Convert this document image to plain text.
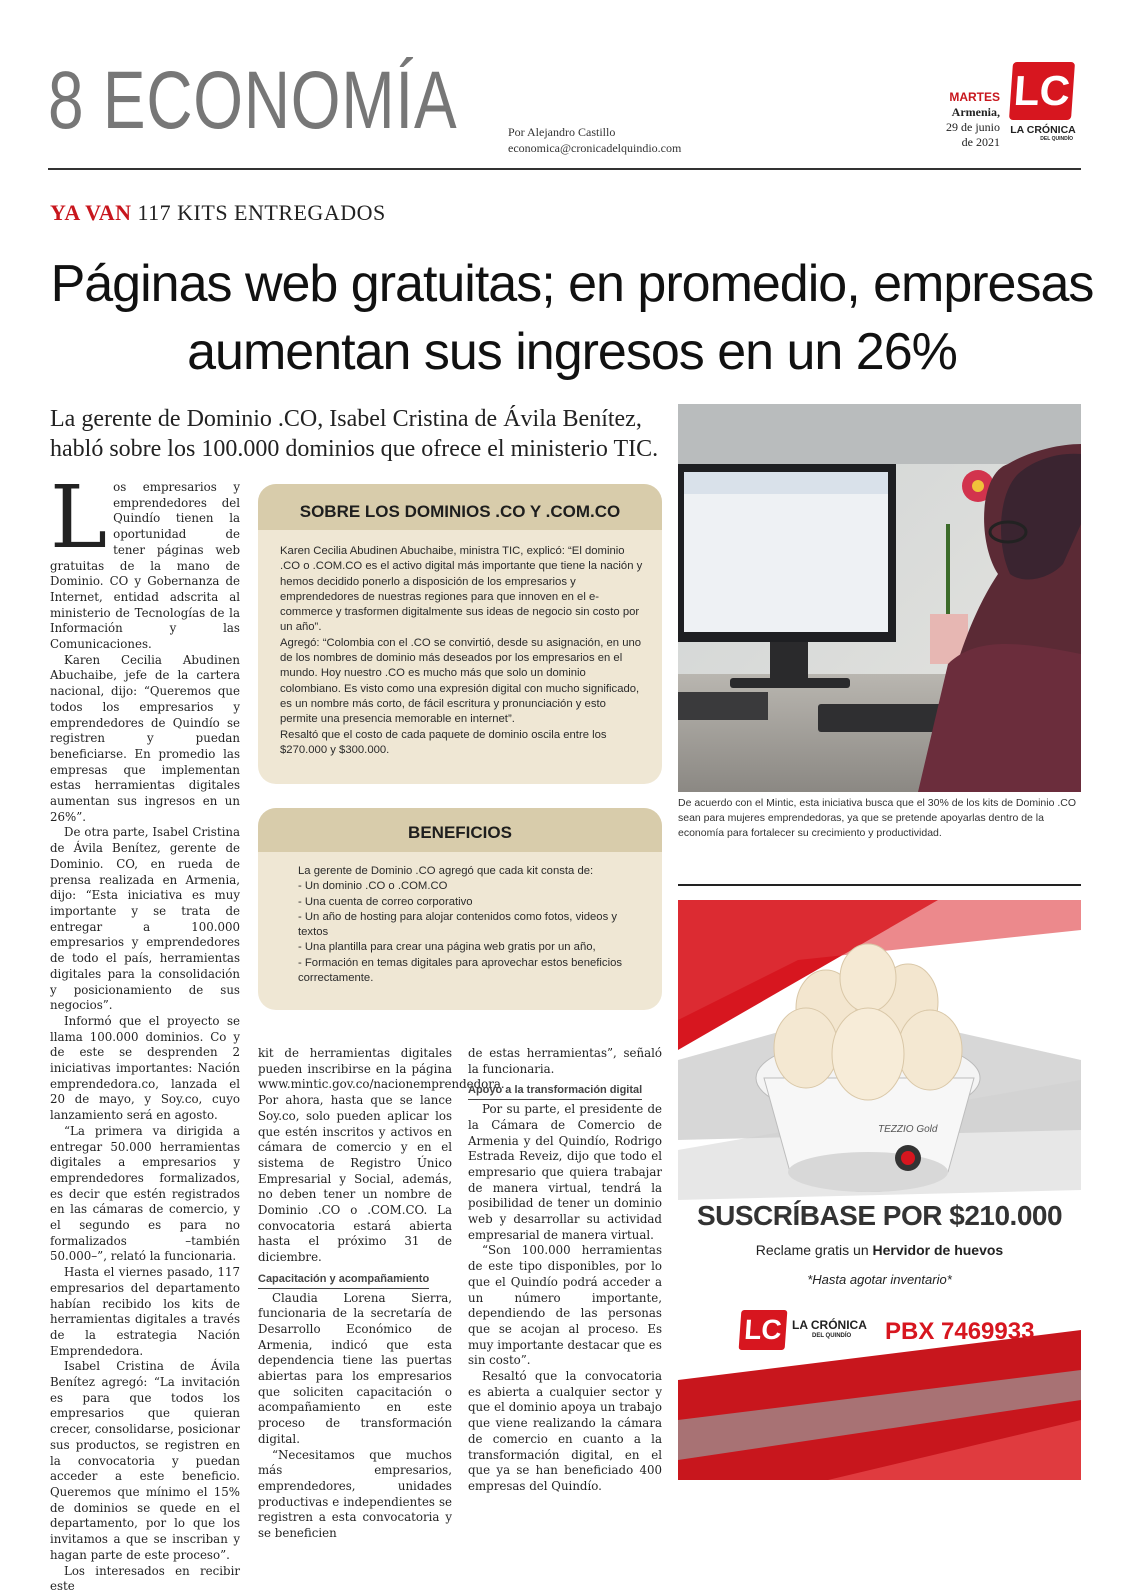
8 ECONOMÍA	Por Alejandro Castillo
economica@cronicadelquindio.com
MARTES
Armenia,
29 de junio
de 2021
LC
LA CRÓNICA
DEL QUINDÍO
YA VAN 117 KITS ENTREGADOS
Páginas web gratuitas; en promedio, empresas
aumentan sus ingresos en un 26%
La gerente de Dominio .CO, Isabel Cristina de Ávila Benítez,
habló sobre los 100.000 dominios que ofrece el ministerio TIC.

Los empresarios y emprendedores del Quindío tienen la oportunidad de tener páginas web gratuitas de la mano de Dominio. CO y Gobernanza de Internet, entidad adscrita al ministerio de Tecnologías de la Información y las Comunicaciones.

Karen Cecilia Abudinen Abuchaibe, jefe de la cartera nacional, dijo: “Queremos que todos los empresarios y emprendedores de Quindío se registren y puedan beneficiarse. En promedio las empresas que implementan estas herramientas digitales aumentan sus ingresos en un 26%”.

De otra parte, Isabel Cristina de Ávila Benítez, gerente de Dominio. CO, en rueda de prensa realizada en Armenia, dijo: “Esta iniciativa es muy importante y se trata de entregar a 100.000 empresarios y emprendedores de todo el país, herramientas digitales para la consolidación y posicionamiento de sus negocios”.

Informó que el proyecto se llama 100.000 dominios. Co y de este se desprenden 2 iniciativas importantes: Nación emprendedora.co, lanzada el 20 de mayo, y Soy.co, cuyo lanzamiento será en agosto.

“La primera va dirigida a entregar 50.000 herramientas digitales a empresarios y emprendedores formalizados, es decir que estén registrados en las cámaras de comercio, y el segundo es para no formalizados –también 50.000–”, relató la funcionaria.

Hasta el viernes pasado, 117 empresarios del departamento habían recibido los kits de herramientas digitales a través de la estrategia Nación Emprendedora.

Isabel Cristina de Ávila Benítez agregó: “La invitación es para que todos los empresarios que quieran crecer, consolidarse, posicionar sus productos, se registren en la convocatoria y puedan acceder a este beneficio. Queremos que mínimo el 15% de dominios se quede en el departamento, por lo que los invitamos a que se inscriban y hagan parte de este proceso”.

Los interesados en recibir este

SOBRE LOS DOMINIOS .CO Y .COM.CO

Karen Cecilia Abudinen Abuchaibe, ministra TIC, explicó: “El dominio .CO o .COM.CO es el activo digital más importante que tiene la nación y hemos decidido ponerlo a disposición de los empresarios y emprendedores de nuestras regiones para que innoven en el e-commerce y trasformen digitalmente sus ideas de negocio sin costo por un año”.

Agregó: “Colombia con el .CO se convirtió, desde su asignación, en uno de los nombres de dominio más deseados por los empresarios en el mundo. Hoy nuestro .CO es mucho más que solo un dominio colombiano. Es visto como una expresión digital con mucho significado, es un nombre más corto, de fácil escritura y pronunciación y esto permite una presencia memorable en internet”.

Resaltó que el costo de cada paquete de dominio oscila entre los $270.000 y $300.000.

BENEFICIOS

La gerente de Dominio .CO agregó que cada kit consta de:

- Un dominio .CO o .COM.CO

- Una cuenta de correo corporativo

- Un año de hosting para alojar contenidos como fotos, videos y textos

- Una plantilla para crear una página web gratis por un año,

- Formación en temas digitales para aprovechar estos beneficios correctamente.

kit de herramientas digitales pueden inscribirse en la página www.mintic.gov.co/nacionemprendedora. Por ahora, hasta que se lance Soy.co, solo pueden aplicar los que estén inscritos y activos en cámara de comercio y en el sistema de Registro Único Empresarial y Social, además, no deben tener un nombre de Dominio .CO o .COM.CO. La convocatoria estará abierta hasta el próximo 31 de diciembre.

Capacitación y acompañamiento

Claudia Lorena Sierra, funcionaria de la secretaría de Desarrollo Económico de Armenia, indicó que esta dependencia tiene las puertas abiertas para los empresarios que soliciten capacitación o acompañamiento en este proceso de transformación digital.

“Necesitamos que muchos más empresarios, emprendedores, unidades productivas e independientes se registren a esta convocatoria y se beneficien

de estas herramientas”, señaló la funcionaria.

Apoyo a la transformación digital

Por su parte, el presidente de la Cámara de Comercio de Armenia y del Quindío, Rodrigo Estrada Reveiz, dijo que todo el empresario que quiera trabajar de manera virtual, tendrá la posibilidad de tener un dominio web y desarrollar su actividad empresarial de manera virtual.

“Son 100.000 herramientas de este tipo disponibles, por lo que el Quindío podrá acceder a un número importante, dependiendo de las personas que se acojan al proceso. Es muy importante destacar que es sin costo”.

Resaltó que la convocatoria es abierta a cualquier sector y que el dominio apoya un trabajo que viene realizando la cámara de comercio en cuanto a la transformación digital, en el que ya se han beneficiado 400 empresas del Quindío.

De acuerdo con el Mintic, esta iniciativa busca que el 30% de los kits de Dominio .CO sean para mujeres emprendedoras, ya que se pretende apoyarlas dentro de la economía para fortalecer su crecimiento y productividad.
TEZZIO Gold
SUSCRÍBASE POR $210.000
Reclame gratis un Hervidor de huevos
*Hasta agotar inventario*
LC LA CRÓNICA
DEL QUINDÍO PBX 7469933
